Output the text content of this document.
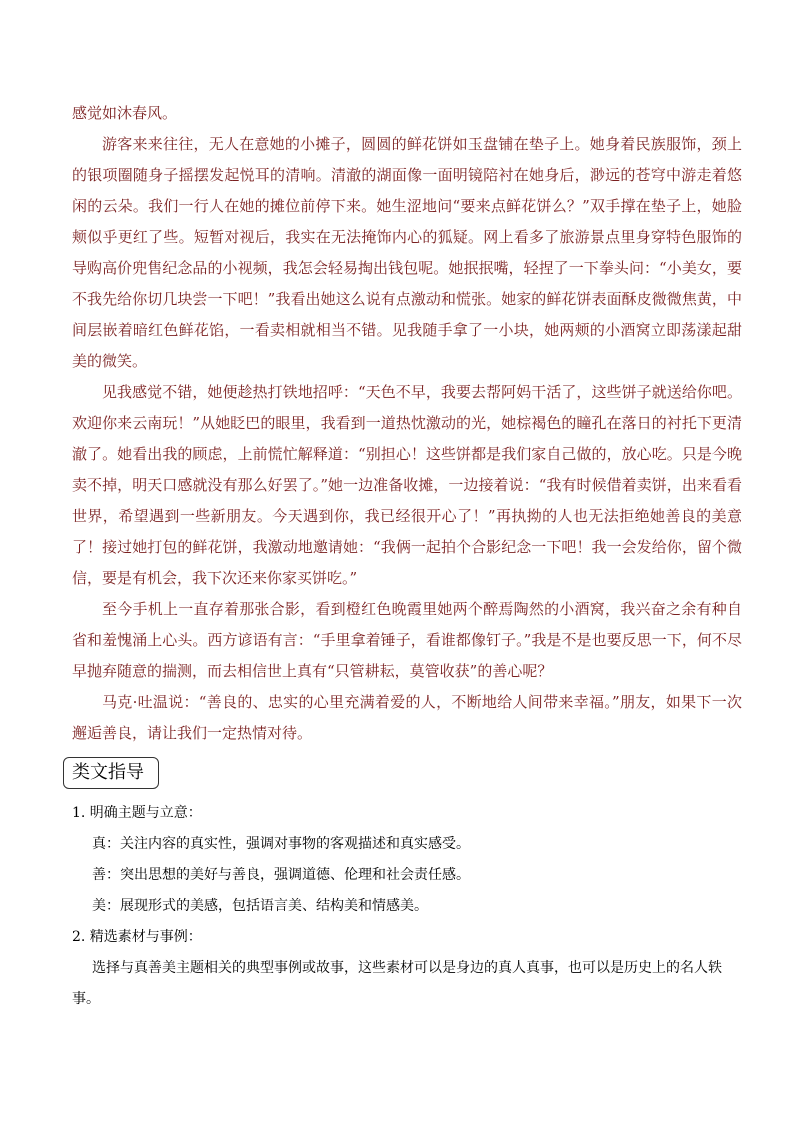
感觉如沐春风。

游客来来往往，无人在意她的小摊子，圆圆的鲜花饼如玉盘铺在垫子上。她身着民族服饰，颈上的银项圈随身子摇摆发起悦耳的清响。清澈的湖面像一面明镜陪衬在她身后，渺远的苍穹中游走着悠闲的云朵。我们一行人在她的摊位前停下来。她生涩地问“要来点鲜花饼么？”双手撑在垫子上，她脸颊似乎更红了些。短暂对视后，我实在无法掩饰内心的狐疑。网上看多了旅游景点里身穿特色服饰的导购高价兜售纪念品的小视频，我怎会轻易掏出钱包呢。她抿抿嘴，轻捏了一下拳头问：“小美女，要不我先给你切几块尝一下吧！”我看出她这么说有点激动和慌张。她家的鲜花饼表面酥皮微微焦黄，中间层嵌着暗红色鲜花馅，一看卖相就相当不错。见我随手拿了一小块，她两颊的小酒窝立即荡漾起甜美的微笑。

见我感觉不错，她便趁热打铁地招呼：“天色不早，我要去帮阿妈干活了，这些饼子就送给你吧。欢迎你来云南玩！”从她眨巴的眼里，我看到一道热忱激动的光，她棕褐色的瞳孔在落日的衬托下更清澈了。她看出我的顾虑，上前慌忙解释道：“别担心！这些饼都是我们家自己做的，放心吃。只是今晚卖不掉，明天口感就没有那么好罢了。”她一边准备收摊，一边接着说：“我有时候借着卖饼，出来看看世界，希望遇到一些新朋友。今天遇到你，我已经很开心了！”再执拗的人也无法拒绝她善良的美意了！接过她打包的鲜花饼，我激动地邀请她：“我俩一起拍个合影纪念一下吧！我一会发给你，留个微信，要是有机会，我下次还来你家买饼吃。”

至今手机上一直存着那张合影，看到橙红色晚霞里她两个醉焉陶然的小酒窝，我兴奋之余有种自省和羞愧涌上心头。西方谚语有言：“手里拿着锤子，看谁都像钉子。”我是不是也要反思一下，何不尽早抛弃随意的揣测，而去相信世上真有“只管耕耘，莫管收获”的善心呢？

马克·吐温说：“善良的、忠实的心里充满着爱的人，不断地给人间带来幸福。”朋友，如果下一次邂逅善良，请让我们一定热情对待。

类文指导

1. 明确主题与立意：

真：关注内容的真实性，强调对事物的客观描述和真实感受。

善：突出思想的美好与善良，强调道德、伦理和社会责任感。

美：展现形式的美感，包括语言美、结构美和情感美。

2. 精选素材与事例：

选择与真善美主题相关的典型事例或故事，这些素材可以是身边的真人真事，也可以是历史上的名人轶事。
